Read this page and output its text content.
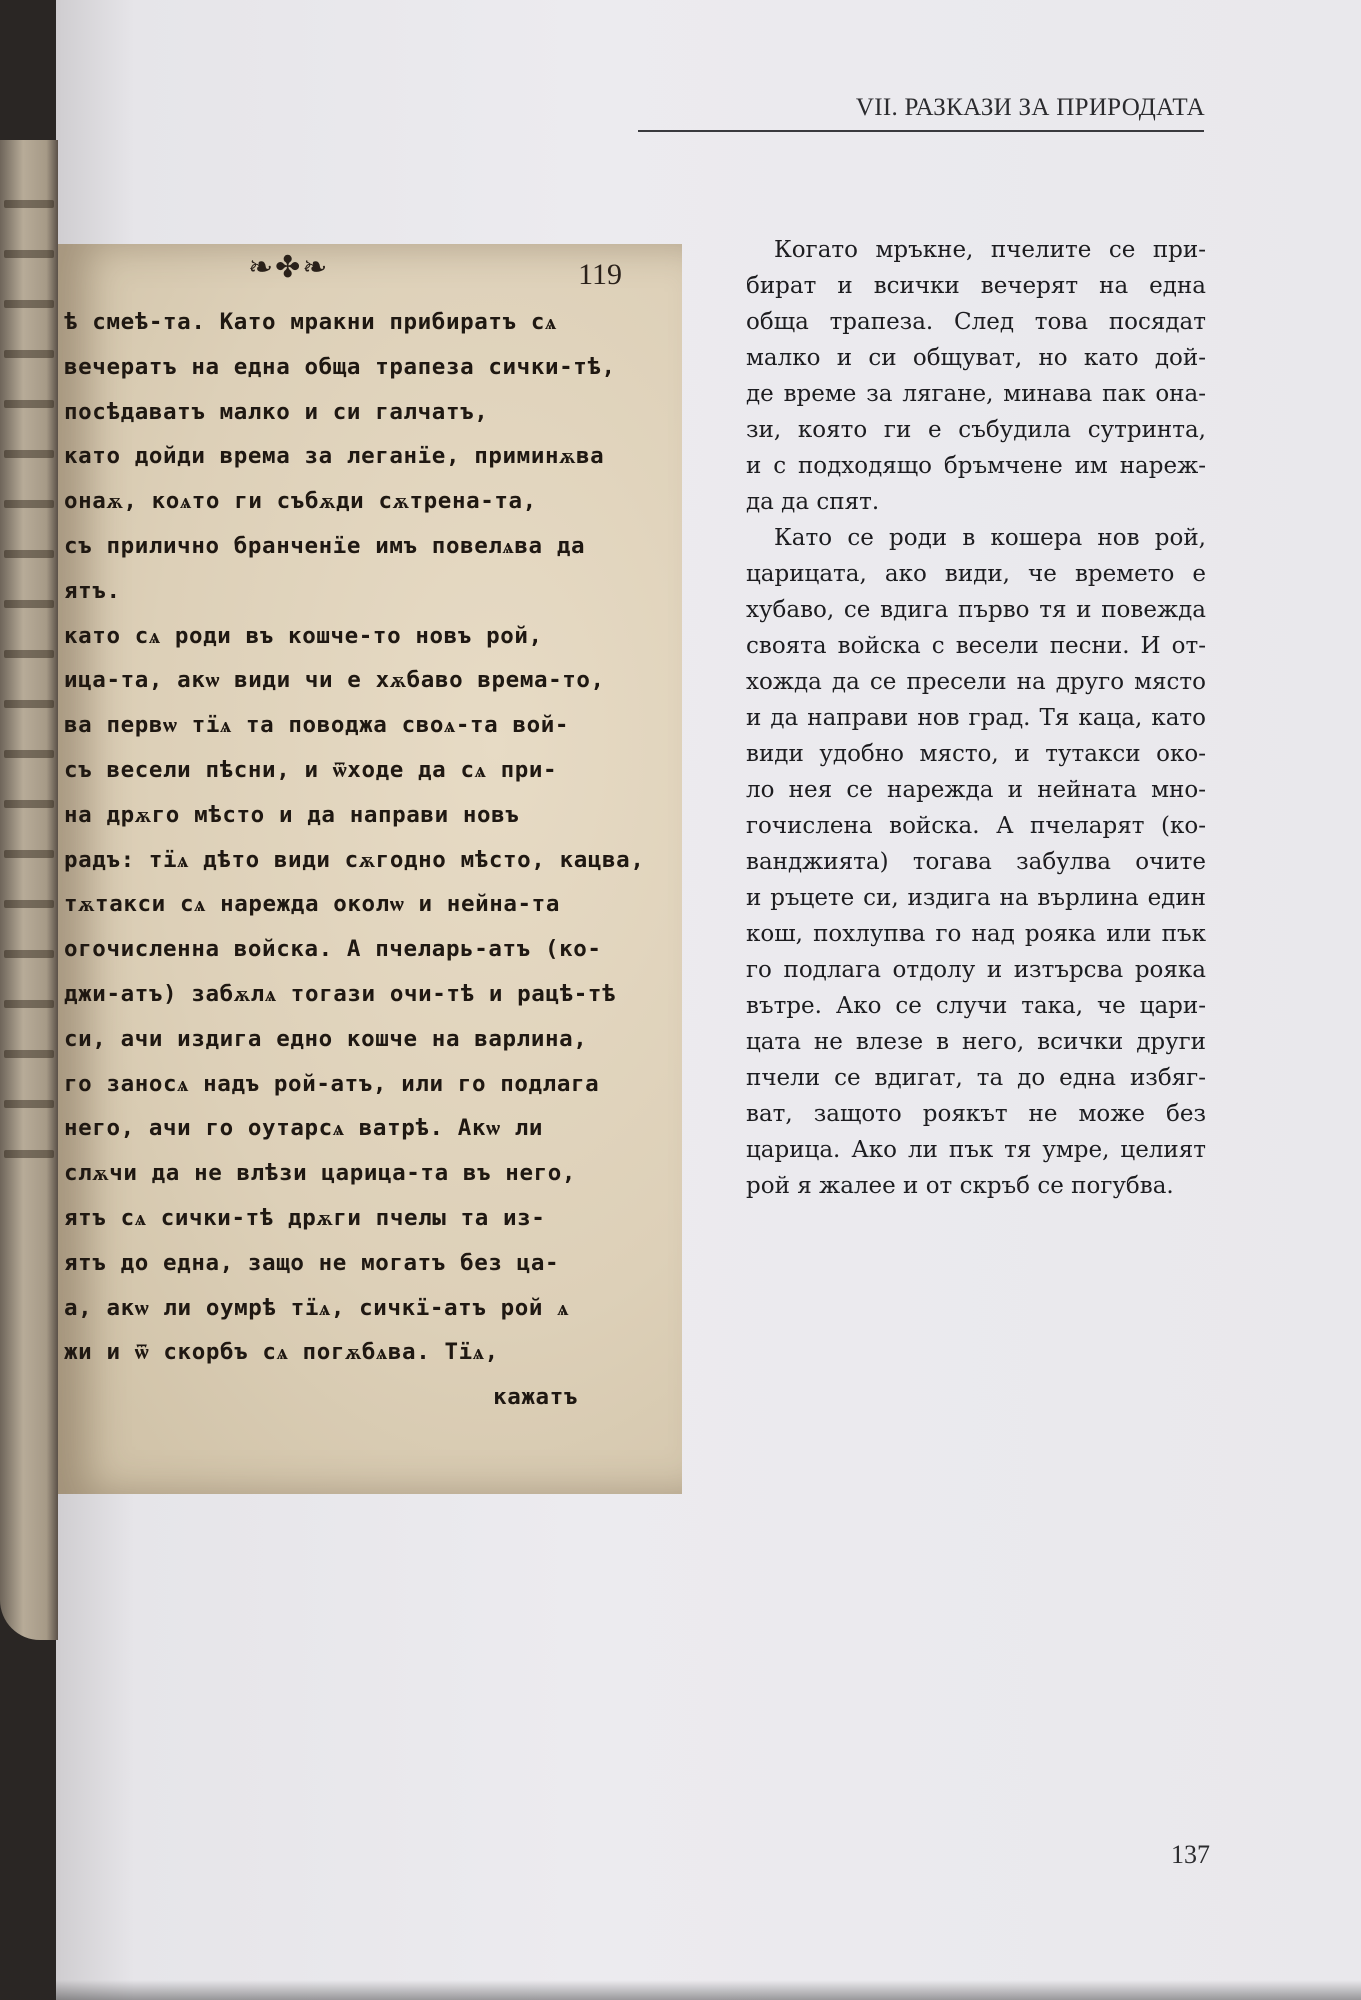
VII. РАЗКАЗИ ЗА ПРИРОДАТА
❧✤❧	119
ѣ смеѣ-та. Като мракни прибиратъ сѧ
вечератъ на една обща трапеза сички-тѣ,
посѣдаватъ малко и си галчатъ,
като дойди врема за леганїе, приминѫва
онаѫ, коѧто ги събѫди сѫтрена-та,
съ прилично бранченїе имъ повелѧва да
ятъ.
като сѧ роди въ кошче-то новъ рой,
ица-та, акѡ види чи е хѫбаво врема-то,
ва первѡ тїѧ та поводжа своѧ-та вой-
съ весели пѣсни, и ѿходе да сѧ при-
на дрѫго мѣсто и да направи новъ
радъ: тїѧ дѣто види сѫгодно мѣсто, кацва,
тѫтакси сѧ нарежда околѡ и нейна-та
огочисленна войска. А пчеларь-атъ (ко-
джи-атъ) забѫлѧ тогази очи-тѣ и рацѣ-тѣ
си, ачи издига едно кошче на варлина,
го заносѧ надъ рой-атъ, или го подлага
него, ачи го оутарсѧ ватрѣ. Акѡ ли
слѫчи да не влѣзи царица-та въ него,
ятъ сѧ сички-тѣ дрѫги пчелы та из-
ятъ до една, защо не могатъ без ца-
а, акѡ ли оумрѣ тїѧ, сичкї-атъ рой ѧ
жи и ѿ скорбъ сѧ погѫбѧва. Тїѧ,
кажатъ

Когато мръкне, пчелите се при-
бират и всички вечерят на една
обща трапеза. След това посядат
малко и си общуват, но като дой-
де време за лягане, минава пак она-
зи, която ги е събудила сутринта,
и с подходящо бръмчене им нареж-
да да спят.

Като се роди в кошера нов рой,
царицата, ако види, че времето е
хубаво, се вдига първо тя и повежда
своята войска с весели песни. И от-
хожда да се пресели на друго място
и да направи нов град. Тя каца, като
види удобно място, и тутакси око-
ло нея се нарежда и нейната мно-
гочислена войска. А пчеларят (ко-
ванджията) тогава забулва очите
и ръцете си, издига на върлина един
кош, похлупва го над рояка или пък
го подлага отдолу и изтърсва рояка
вътре. Ако се случи така, че цари-
цата не влезе в него, всички други
пчели се вдигат, та до една избяг-
ват, защото роякът не може без
царица. Ако ли пък тя умре, целият
рой я жалее и от скръб се погубва.

137
